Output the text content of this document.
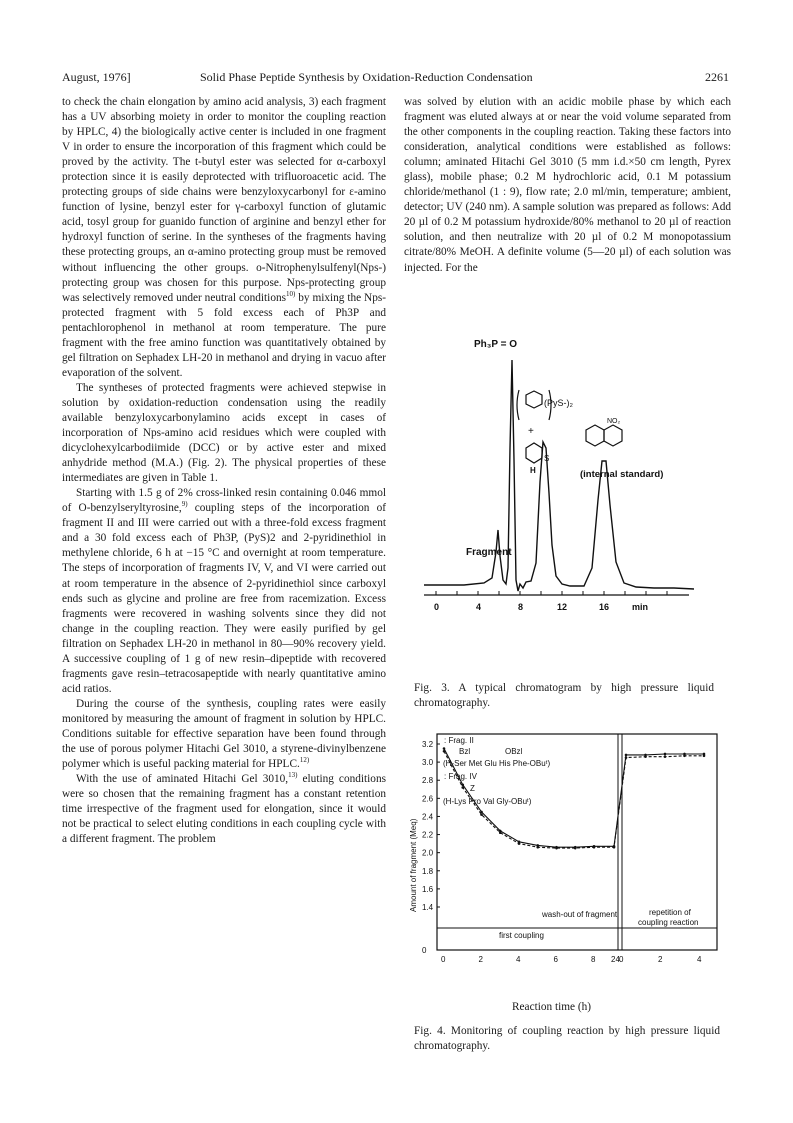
August, 1976]	Solid Phase Peptide Synthesis by Oxidation-Reduction Condensation	2261

to check the chain elongation by amino acid analysis, 3) each fragment has a UV absorbing moiety in order to monitor the coupling reaction by HPLC, 4) the biologically active center is included in one fragment V in order to ensure the incorporation of this fragment which could be proved by the activity. The t-butyl ester was selected for α-carboxyl protection since it is easily deprotected with trifluoroacetic acid. The protecting groups of side chains were benzyloxycarbonyl for ε-amino function of lysine, benzyl ester for γ-carboxyl function of glutamic acid, tosyl group for guanido function of arginine and benzyl ether for hydroxyl function of serine. In the syntheses of the fragments having these protecting groups, an α-amino protecting group must be removed without influencing the other groups. o-Nitrophenylsulfenyl(Nps-) protecting group was chosen for this purpose. Nps-protecting group was selectively removed under neutral conditions$^{10)}$ by mixing the Nps-protected fragment with 5 fold excess each of Ph3P and pentachlorophenol in methanol at room temperature. The pure fragment with the free amino function was quantitatively obtained by gel filtration on Sephadex LH-20 in methanol and drying in vacuo after evaporation of the solvent.

The syntheses of protected fragments were achieved stepwise in solution by oxidation-reduction condensation using the readily available benzyloxycarbonylamino acids except in cases of incorporation of Nps-amino acid residues which were coupled with dicyclohexylcarbodiimide (DCC) or by active ester and mixed anhydride method (M.A.) (Fig. 2). The physical properties of these intermediates are given in Table 1.

Starting with 1.5 g of 2% cross-linked resin containing 0.046 mmol of O-benzylseryltyrosine,$^{9)}$ coupling steps of the incorporation of fragment II and III were carried out with a three-fold excess fragment and a 30 fold excess each of Ph3P, (PyS)2 and 2-pyridinethiol in methylene chloride, 6 h at −15 °C and overnight at room temperature. The steps of incorporation of fragments IV, V, and VI were carried out at room temperature in the absence of 2-pyridinethiol since carboxyl ends such as glycine and proline are free from racemization. Excess fragments were recovered in washing solvents since they did not change in the coupling reaction. They were easily purified by gel filtration on Sephadex LH-20 in methanol in 80—90% recovery yield. A successive coupling of 1 g of new resin–dipeptide with recovered fragments gave resin–tetracosapeptide with nearly quantitative amino acid ratios.

During the course of the synthesis, coupling rates were easily monitored by measuring the amount of fragment in solution by HPLC. Conditions suitable for effective separation have been found through the use of porous polymer Hitachi Gel 3010, a styrene-divinylbenzene polymer which is useful packing material for HPLC.$^{12)}$

With the use of aminated Hitachi Gel 3010,$^{13)}$ eluting conditions were so chosen that the remaining fragment has a constant retention time irrespective of the fragment used for elongation, since it would not be practical to select eluting conditions in each coupling cycle with a different fragment. The problem

was solved by elution with an acidic mobile phase by which each fragment was eluted always at or near the void volume separated from the other components in the coupling reaction. Taking these factors into consideration, analytical conditions were established as follows: column; aminated Hitachi Gel 3010 (5 mm i.d.×50 cm length, Pyrex glass), mobile phase; 0.2 M hydrochloric acid, 0.1 M potassium chloride/methanol (1 : 9), flow rate; 2.0 ml/min, temperature; ambient, detector; UV (240 nm). A sample solution was prepared as follows: Add 20 µl of 0.2 M potassium hydroxide/80% methanol to 20 µl of reaction solution, and then neutralize with 20 µl of 0.2 M monopotassium citrate/80% MeOH. A definite volume (5—20 µl) of each solution was injected. For the

Ph₃P = O
Fragment
(PyS-)₂
+
H
S
NO₂
(internal standard)
0	4	8	12	16	min
Fig. 3. A typical chromatogram by high pressure liquid chromatography.
: Frag. II
Bzl	OBzl
(H-Ser Met Glu His Phe-OBuᵗ)
: Frag. IV
Z
(H-Lys Pro Val Gly-OBuᵗ)
3.2
3.0
2.8
2.6
2.4
2.2
2.0
1.8
1.6
1.4
0
0	2	4	6	8 24 0	2	4
Amount of fragment (Meq)
wash-out of fragment
first coupling
repetition of
coupling reaction
Reaction time (h)
Fig. 4. Monitoring of coupling reaction by high pressure liquid chromatography.
